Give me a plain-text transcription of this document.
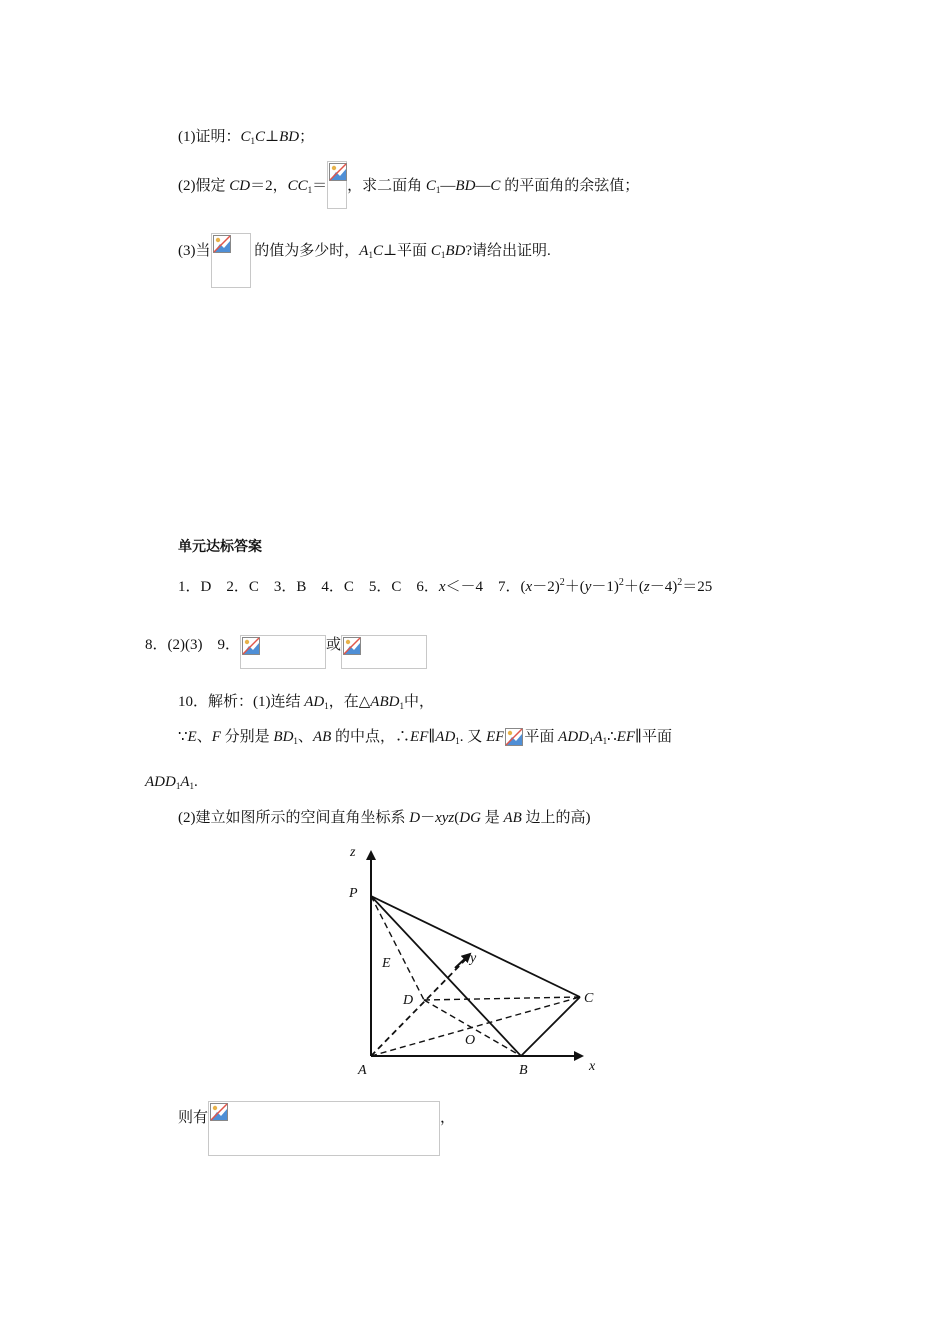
(1)证明：$C_1C\perp BD$；
(2)假定 CD＝2，$CC_1=$ ，求二面角 $C_1—BD—C$ 的平面角的余弦值；
(3)当	的值为多少时，$A_1C\perp$平面 $C_1BD$?请给出证明.
单元达标答案
1．D　2．C　3．B　4．C　5．C　6．x＜－4　7．$(x-2)^2+(y-1)^2+(z-4)^2=25$
8．(2)(3)　9．	或
10．解析：(1)连结 $AD_1$，在$\triangle ABD_1$中，
∵E、F 分别是 $BD_1$、AB 的中点，$\therefore EF\parallel AD_1$. 又 EF 平面 $ADD_1A_1\therefore EF\parallel$平面
$ADD_1A_1$.
(2)建立如图所示的空间直角坐标系 D－xyz(DG 是 AB 边上的高)
z
P
E	y
D	C
O
A	B	x
则有	，
